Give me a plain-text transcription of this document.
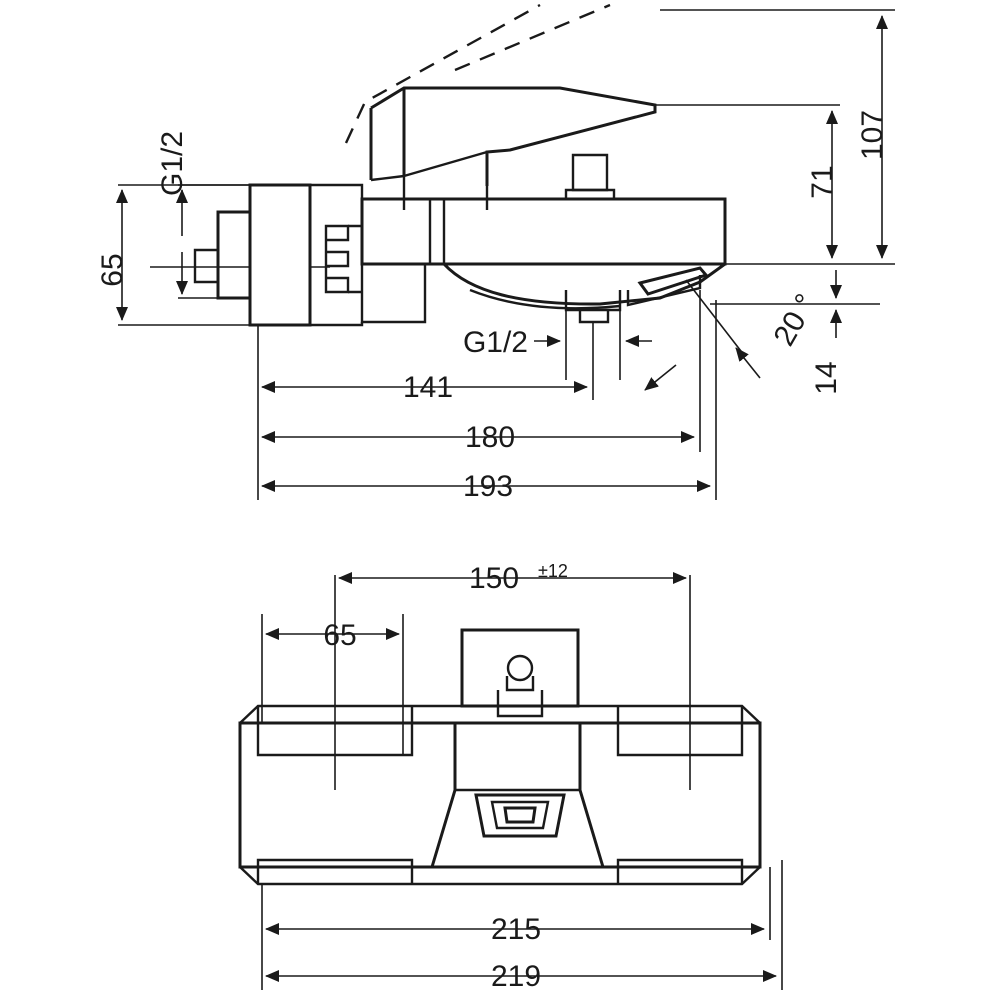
65
G1/2	107
71
14
20 °
G1/2
141
180
193
150 ±12
65
215
219
